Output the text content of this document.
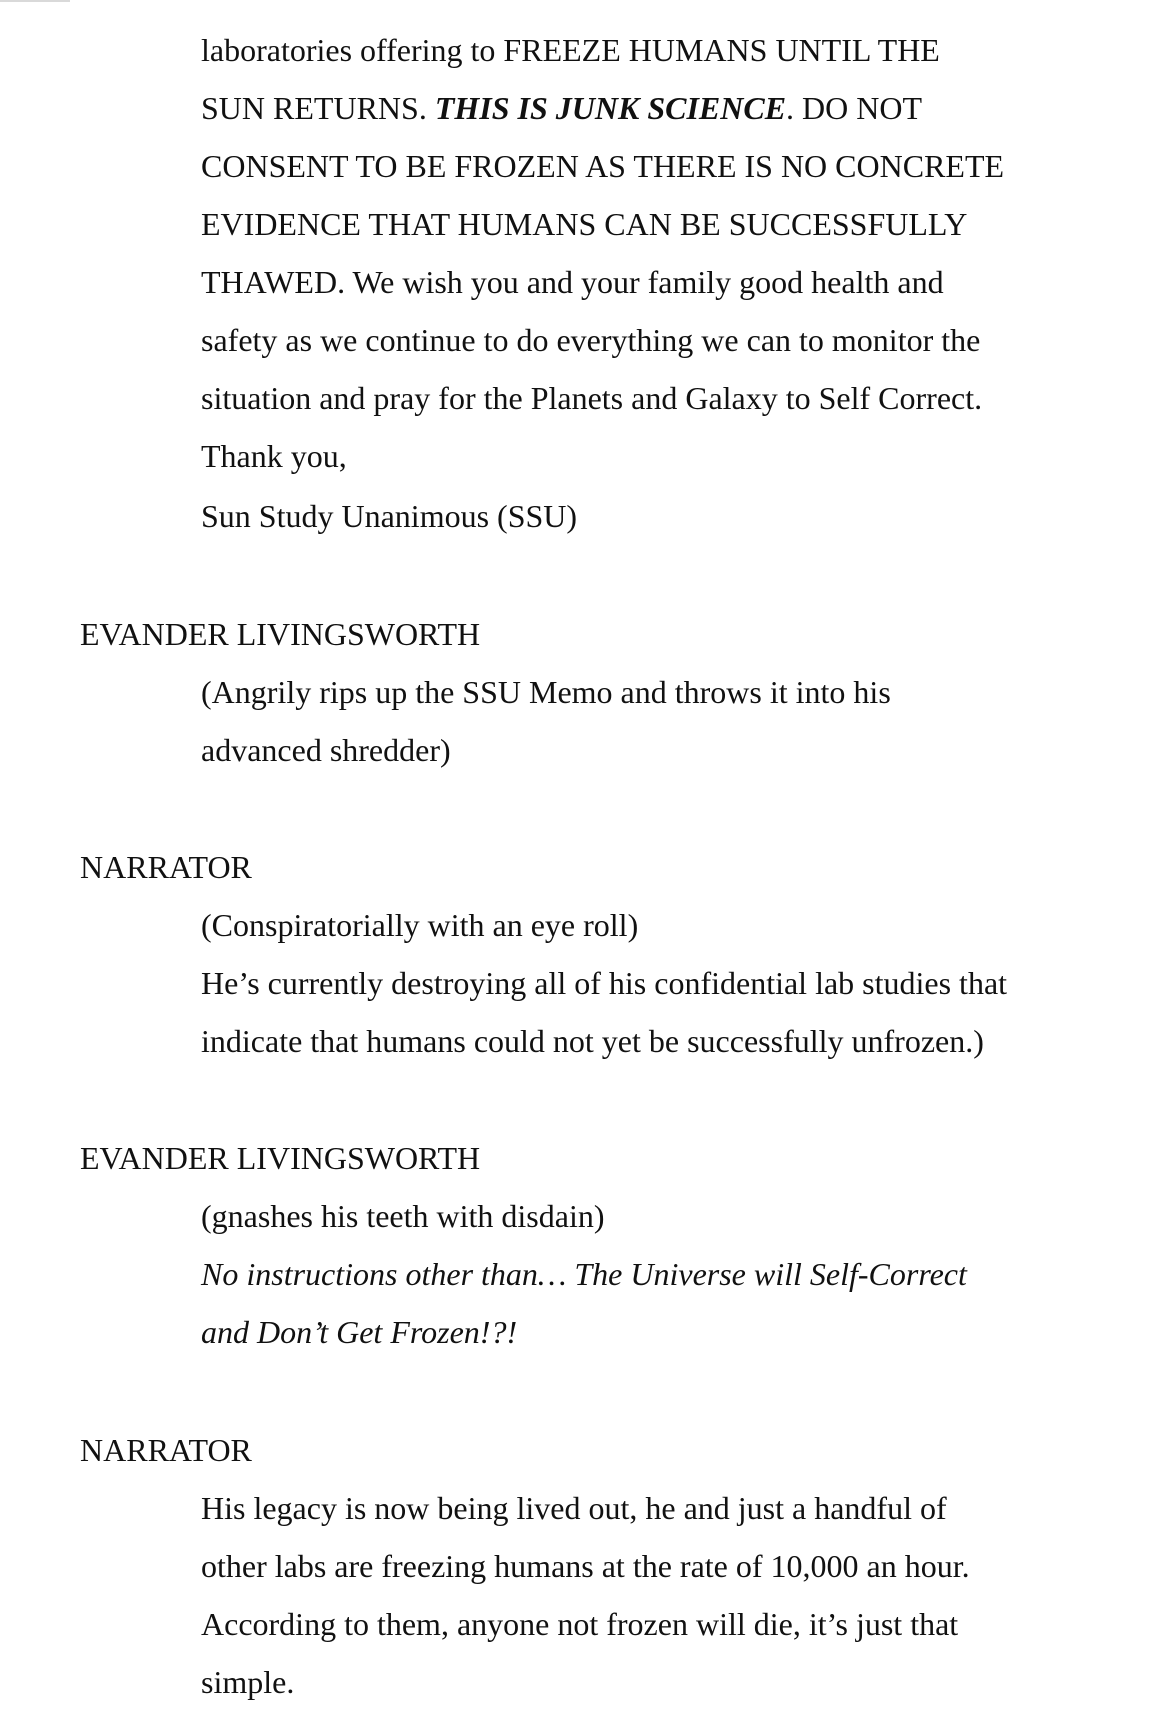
laboratories offering to FREEZE HUMANS UNTIL THE
SUN RETURNS. THIS IS JUNK SCIENCE. DO NOT
CONSENT TO BE FROZEN AS THERE IS NO CONCRETE
EVIDENCE THAT HUMANS CAN BE SUCCESSFULLY
THAWED. We wish you and your family good health and
safety as we continue to do everything we can to monitor the
situation and pray for the Planets and Galaxy to Self Correct.
Thank you,
Sun Study Unanimous (SSU)
EVANDER LIVINGSWORTH
(Angrily rips up the SSU Memo and throws it into his
advanced shredder)
NARRATOR
(Conspiratorially with an eye roll)
He’s currently destroying all of his confidential lab studies that
indicate that humans could not yet be successfully unfrozen.)
EVANDER LIVINGSWORTH
(gnashes his teeth with disdain)
No instructions other than… The Universe will Self-Correct
and Don’t Get Frozen!?!
NARRATOR
His legacy is now being lived out, he and just a handful of
other labs are freezing humans at the rate of 10,000 an hour.
According to them, anyone not frozen will die, it’s just that
simple.
